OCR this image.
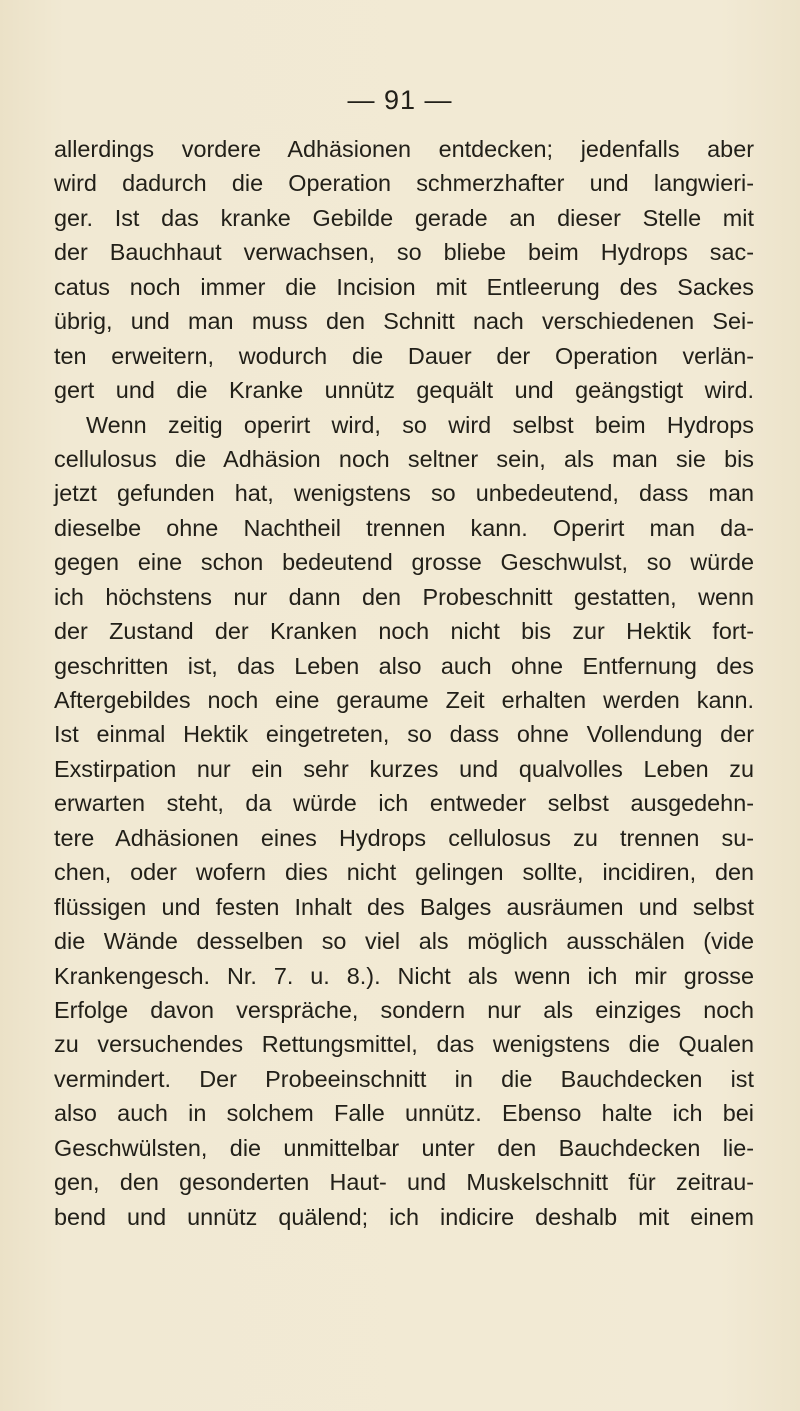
— 91 —
allerdings vordere Adhäsionen entdecken; jedenfalls aber
wird dadurch die Operation schmerzhafter und langwieri-
ger. Ist das kranke Gebilde gerade an dieser Stelle mit
der Bauchhaut verwachsen, so bliebe beim Hydrops sac-
catus noch immer die Incision mit Entleerung des Sackes
übrig, und man muss den Schnitt nach verschiedenen Sei-
ten erweitern, wodurch die Dauer der Operation verlän-
gert und die Kranke unnütz gequält und geängstigt wird.
Wenn zeitig operirt wird, so wird selbst beim Hydrops
cellulosus die Adhäsion noch seltner sein, als man sie bis
jetzt gefunden hat, wenigstens so unbedeutend, dass man
dieselbe ohne Nachtheil trennen kann. Operirt man da-
gegen eine schon bedeutend grosse Geschwulst, so würde
ich höchstens nur dann den Probeschnitt gestatten, wenn
der Zustand der Kranken noch nicht bis zur Hektik fort-
geschritten ist, das Leben also auch ohne Entfernung des
Aftergebildes noch eine geraume Zeit erhalten werden kann.
Ist einmal Hektik eingetreten, so dass ohne Vollendung der
Exstirpation nur ein sehr kurzes und qualvolles Leben zu
erwarten steht, da würde ich entweder selbst ausgedehn-
tere Adhäsionen eines Hydrops cellulosus zu trennen su-
chen, oder wofern dies nicht gelingen sollte, incidiren, den
flüssigen und festen Inhalt des Balges ausräumen und selbst
die Wände desselben so viel als möglich ausschälen (vide
Krankengesch. Nr. 7. u. 8.). Nicht als wenn ich mir grosse
Erfolge davon verspräche, sondern nur als einziges noch
zu versuchendes Rettungsmittel, das wenigstens die Qualen
vermindert. Der Probeeinschnitt in die Bauchdecken ist
also auch in solchem Falle unnütz. Ebenso halte ich bei
Geschwülsten, die unmittelbar unter den Bauchdecken lie-
gen, den gesonderten Haut- und Muskelschnitt für zeitrau-
bend und unnütz quälend; ich indicire deshalb mit einem
